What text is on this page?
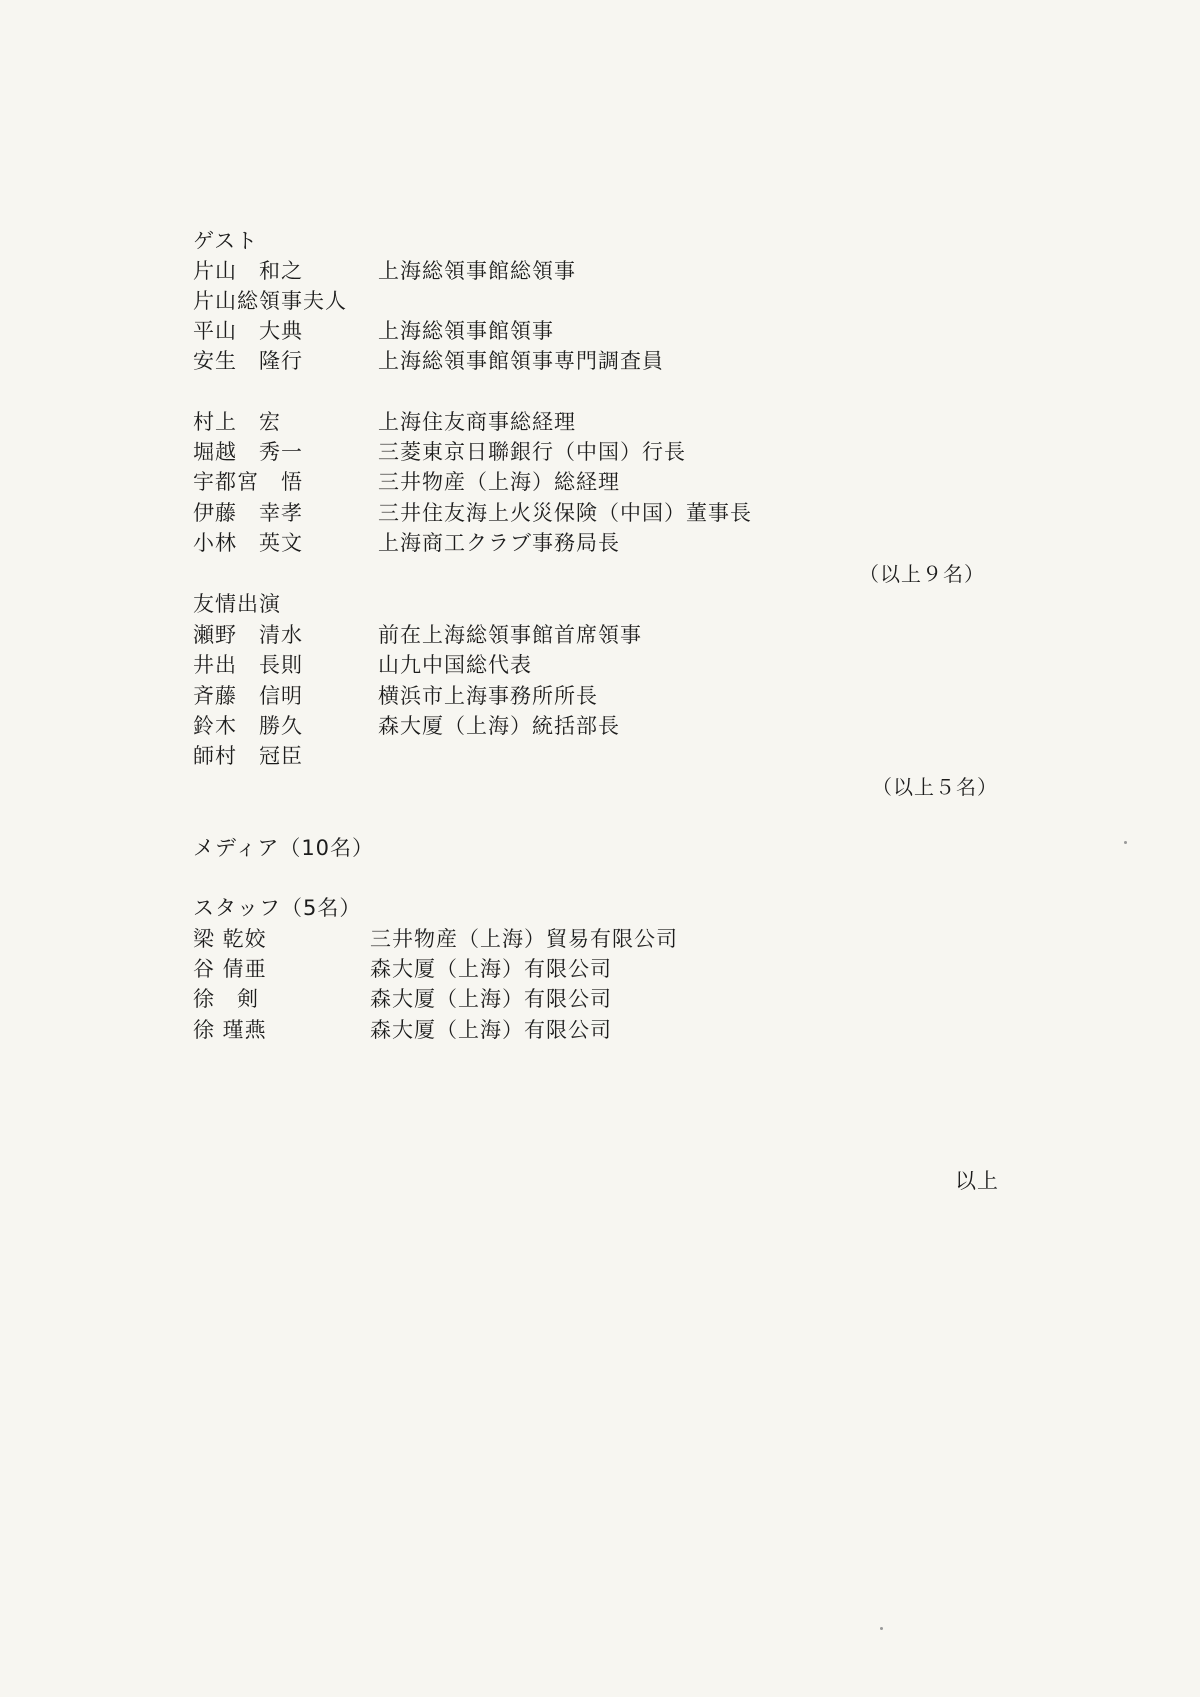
ゲスト
片山　和之	上海総領事館総領事
片山総領事夫人
平山　大典	上海総領事館領事
安生　隆行	上海総領事館領事専門調査員
村上　宏	上海住友商事総経理
堀越　秀一	三菱東京日聯銀行（中国）行長
宇都宮　悟	三井物産（上海）総経理
伊藤　幸孝	三井住友海上火災保険（中国）董事長
小林　英文	上海商工クラブ事務局長
（以上９名）
友情出演
瀬野　清水	前在上海総領事館首席領事
井出　長則	山九中国総代表
斉藤　信明	横浜市上海事務所所長
鈴木　勝久	森大厦（上海）統括部長
師村　冠臣
（以上５名）
メディア（10名）
スタッフ（5名）
梁 乾姣	三井物産（上海）貿易有限公司
谷 倩亜	森大厦（上海）有限公司
徐　剣	森大厦（上海）有限公司
徐 瑾燕	森大厦（上海）有限公司
以上
